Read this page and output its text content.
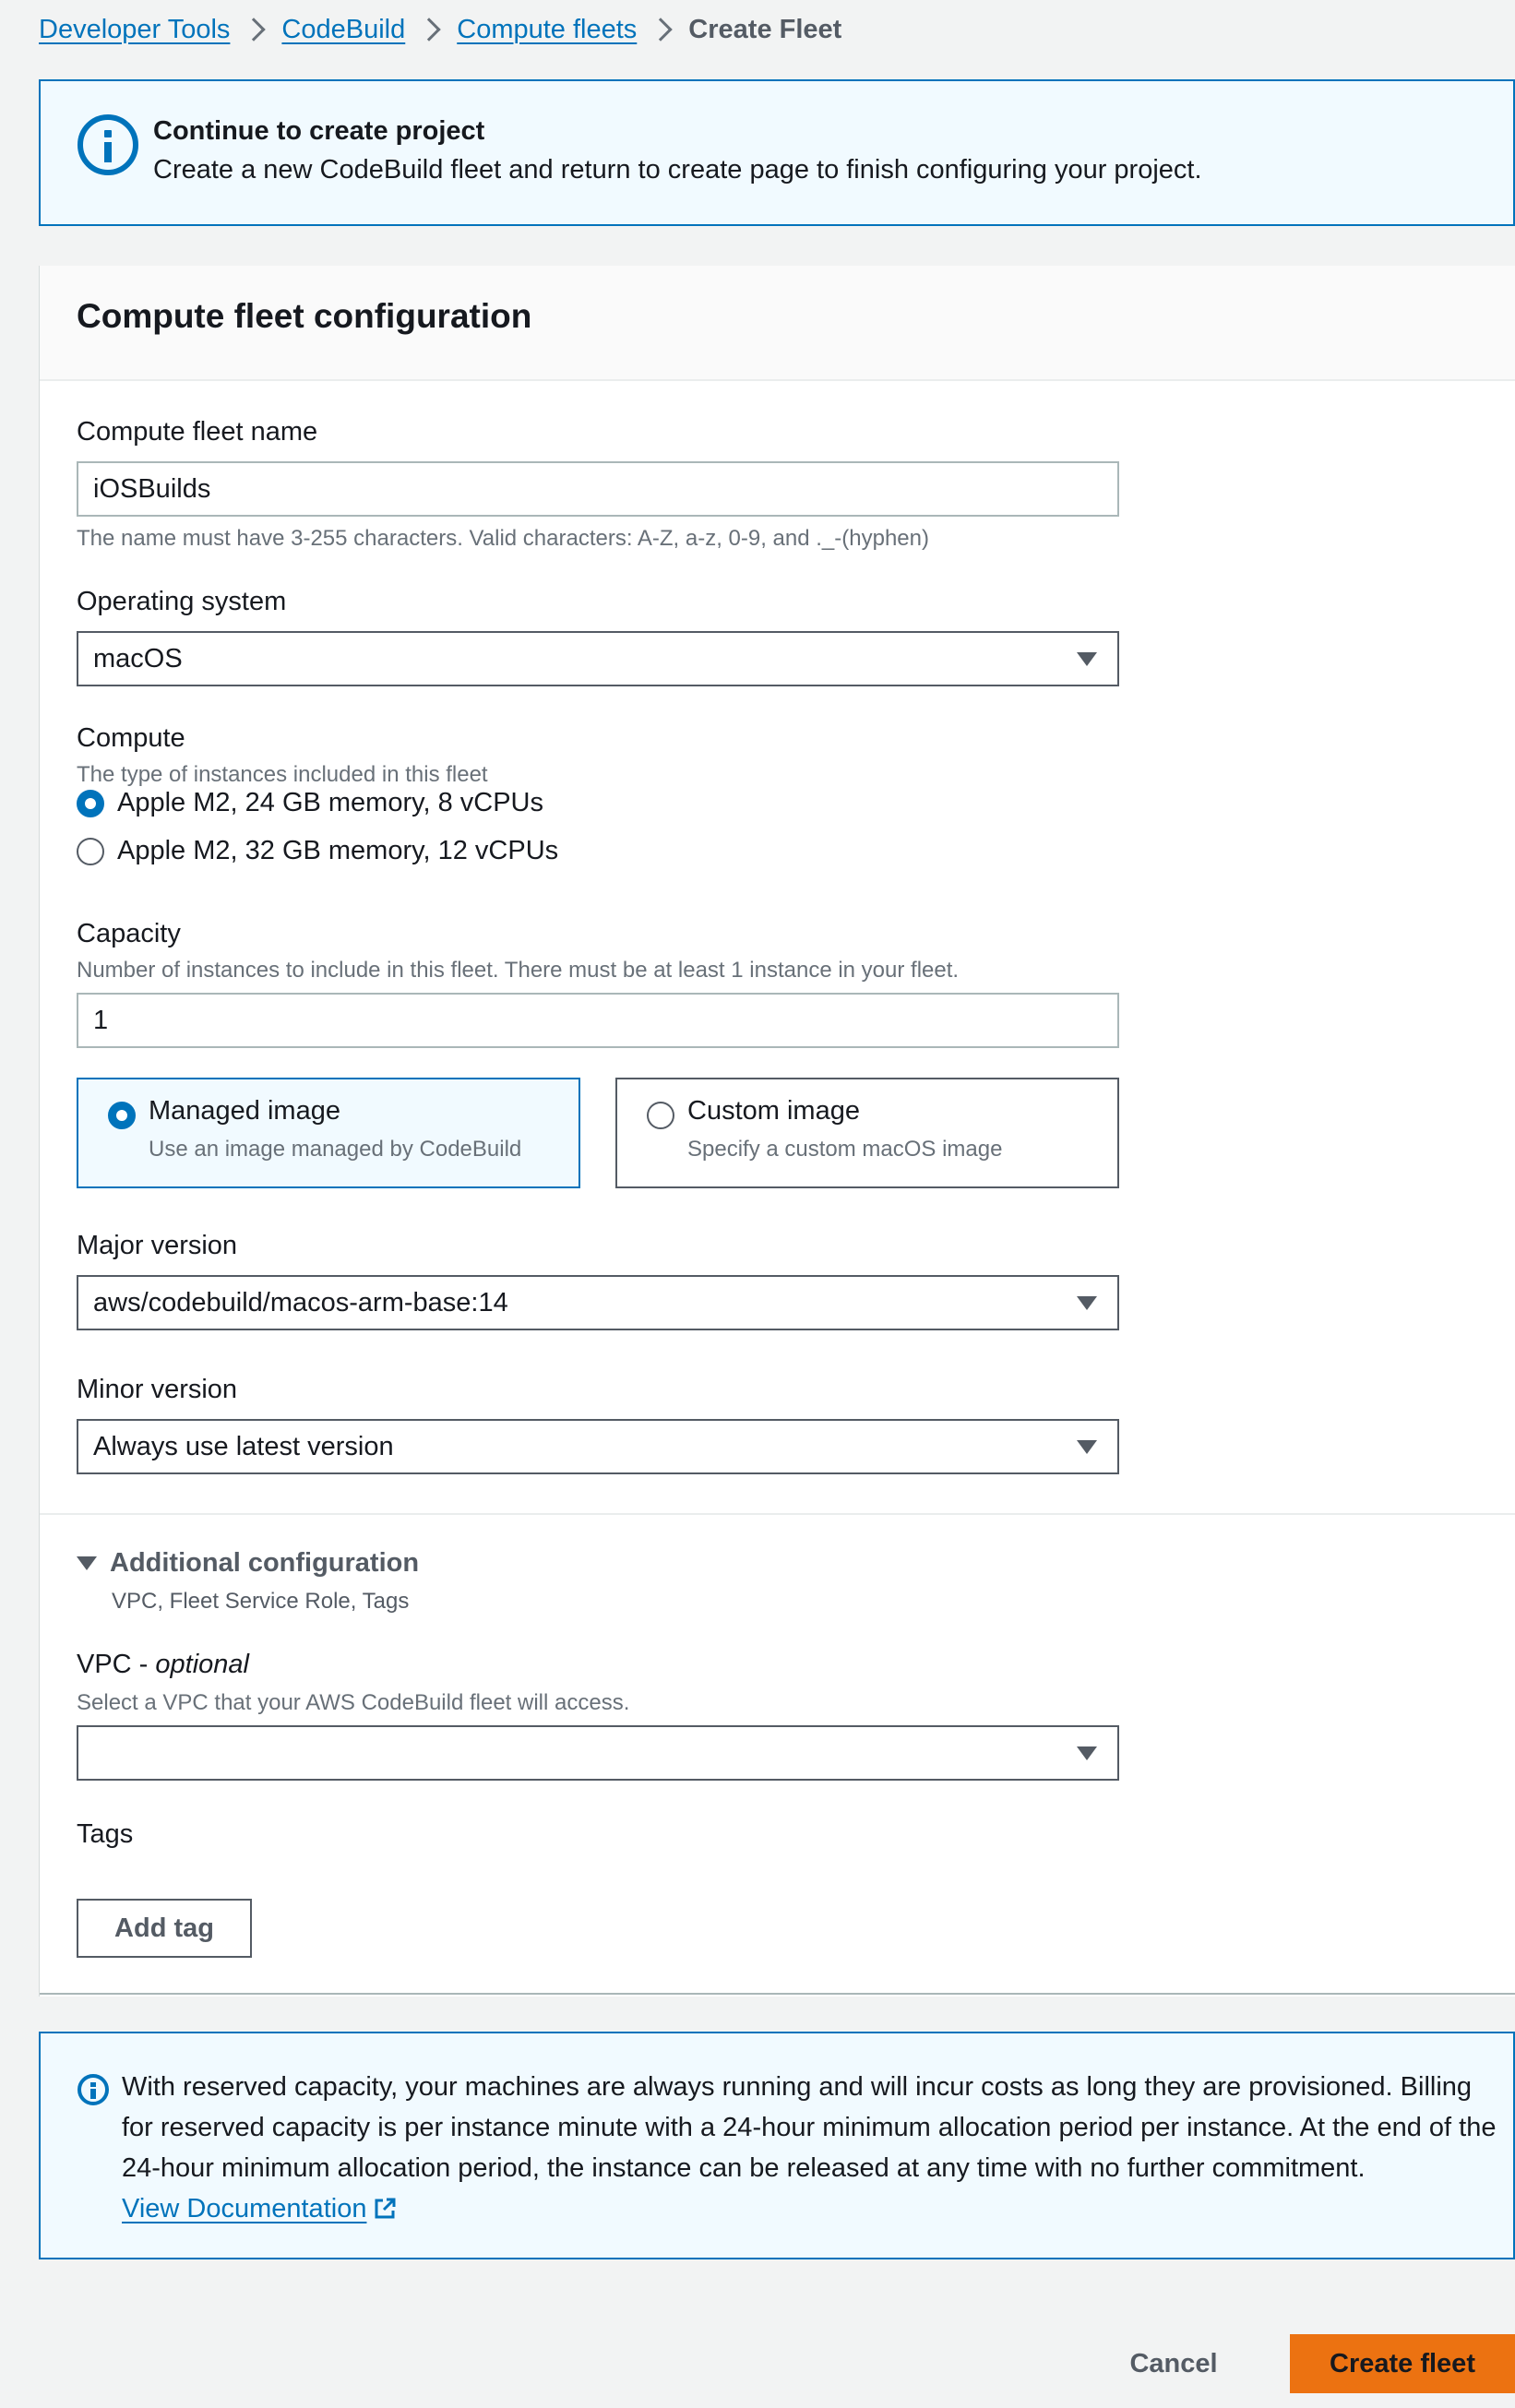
Developer Tools CodeBuild Compute fleets Create Fleet
Continue to create project
Create a new CodeBuild fleet and return to create page to finish configuring your project.
Compute fleet configuration
Compute fleet name
iOSBuilds
The name must have 3-255 characters. Valid characters: A-Z, a-z, 0-9, and ._-(hyphen)
Operating system
macOS
Compute
The type of instances included in this fleet
Apple M2, 24 GB memory, 8 vCPUs
Apple M2, 32 GB memory, 12 vCPUs
Capacity
Number of instances to include in this fleet. There must be at least 1 instance in your fleet.
1
Managed image
Use an image managed by CodeBuild
Custom image
Specify a custom macOS image
Major version
aws/codebuild/macos-arm-base:14
Minor version
Always use latest version
Additional configuration
VPC, Fleet Service Role, Tags
VPC - optional
Select a VPC that your AWS CodeBuild fleet will access.
Tags
Add tag
With reserved capacity, your machines are always running and will incur costs as long they are provisioned. Billing for reserved capacity is per instance minute with a 24-hour minimum allocation period per instance. At the end of the 24-hour minimum allocation period, the instance can be released at any time with no further commitment.

View Documentation
Cancel	Create fleet
